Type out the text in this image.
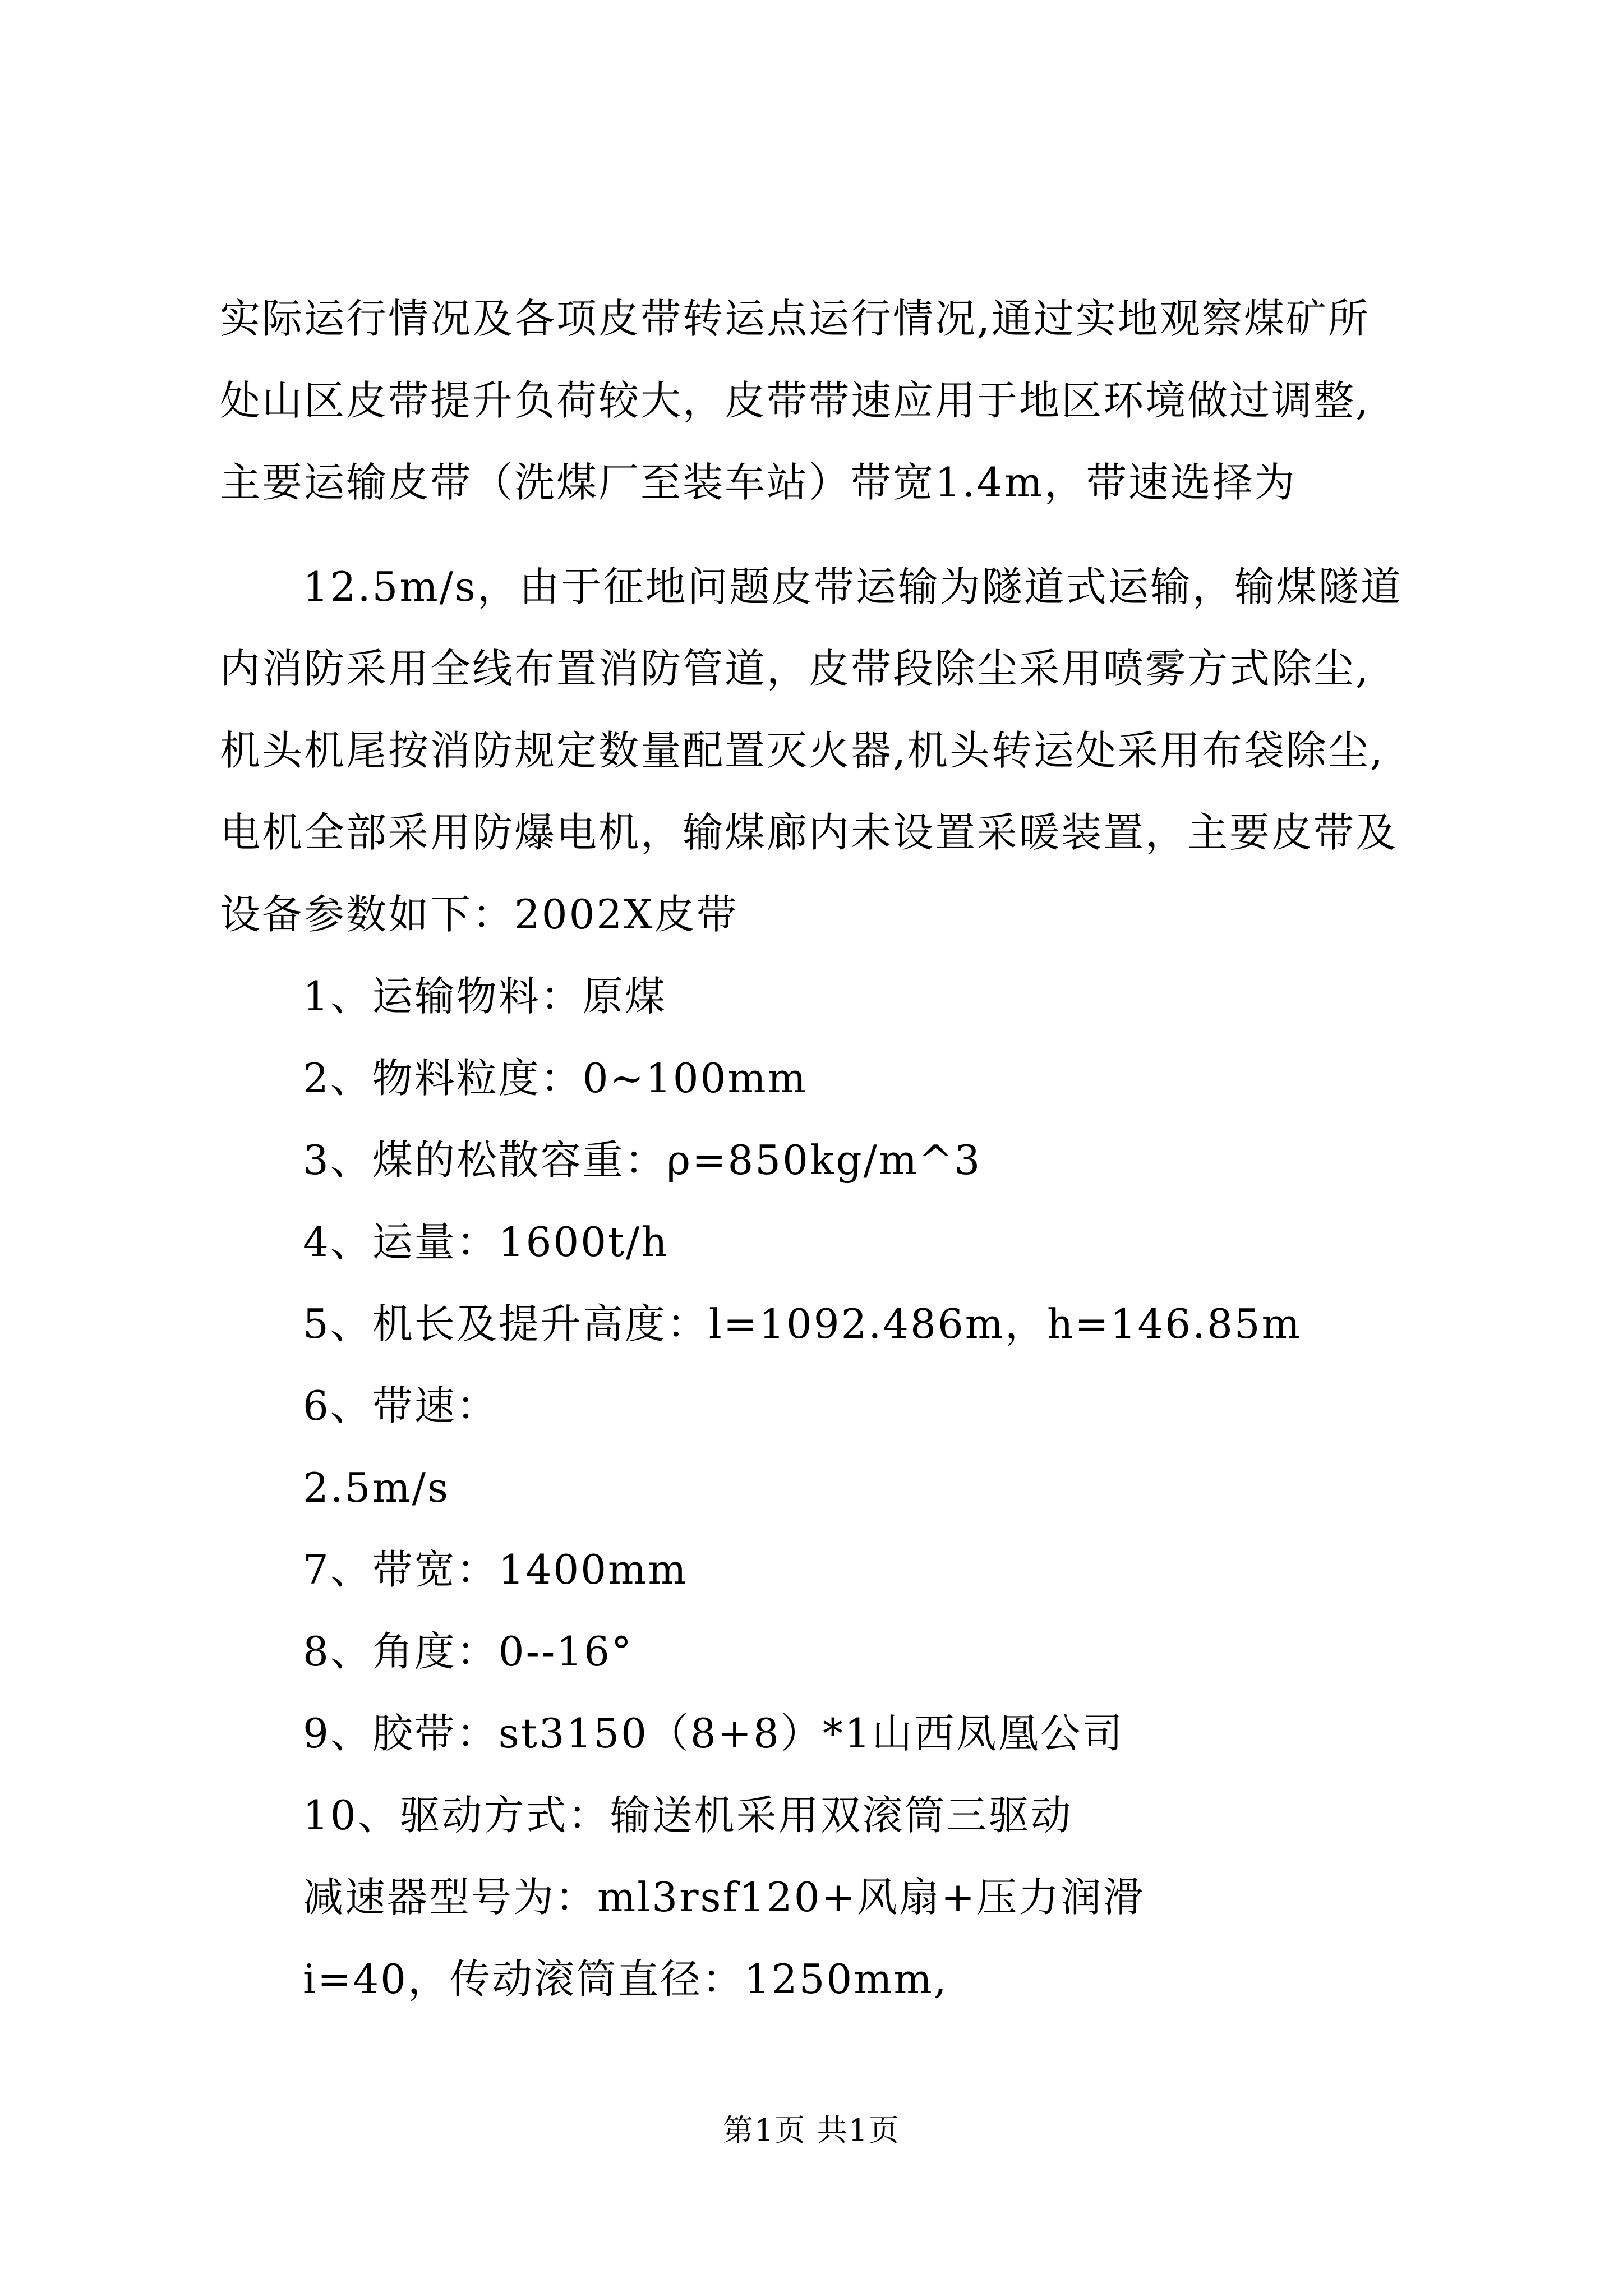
实际运行情况及各项皮带转运点运行情况,通过实地观察煤矿所
处山区皮带提升负荷较大，皮带带速应用于地区环境做过调整,
主要运输皮带（洗煤厂至装车站）带宽1.4m，带速选择为
12.5m/s，由于征地问题皮带运输为隧道式运输，输煤隧道
内消防采用全线布置消防管道，皮带段除尘采用喷雾方式除尘,
机头机尾按消防规定数量配置灭火器,机头转运处采用布袋除尘,
电机全部采用防爆电机，输煤廊内未设置采暖装置，主要皮带及
设备参数如下：2002X皮带
1、运输物料：原煤
2、物料粒度：0~100mm
3、煤的松散容重：ρ=850kg/m^3
4、运量：1600t/h
5、机长及提升高度：l=1092.486m，h=146.85m
6、带速：
2.5m/s
7、带宽：1400mm
8、角度：0--16°
9、胶带：st3150（8+8）*1山西凤凰公司
10、驱动方式：输送机采用双滚筒三驱动
减速器型号为：ml3rsf120+风扇+压力润滑
i=40，传动滚筒直径：1250mm,
第1页 共1页
